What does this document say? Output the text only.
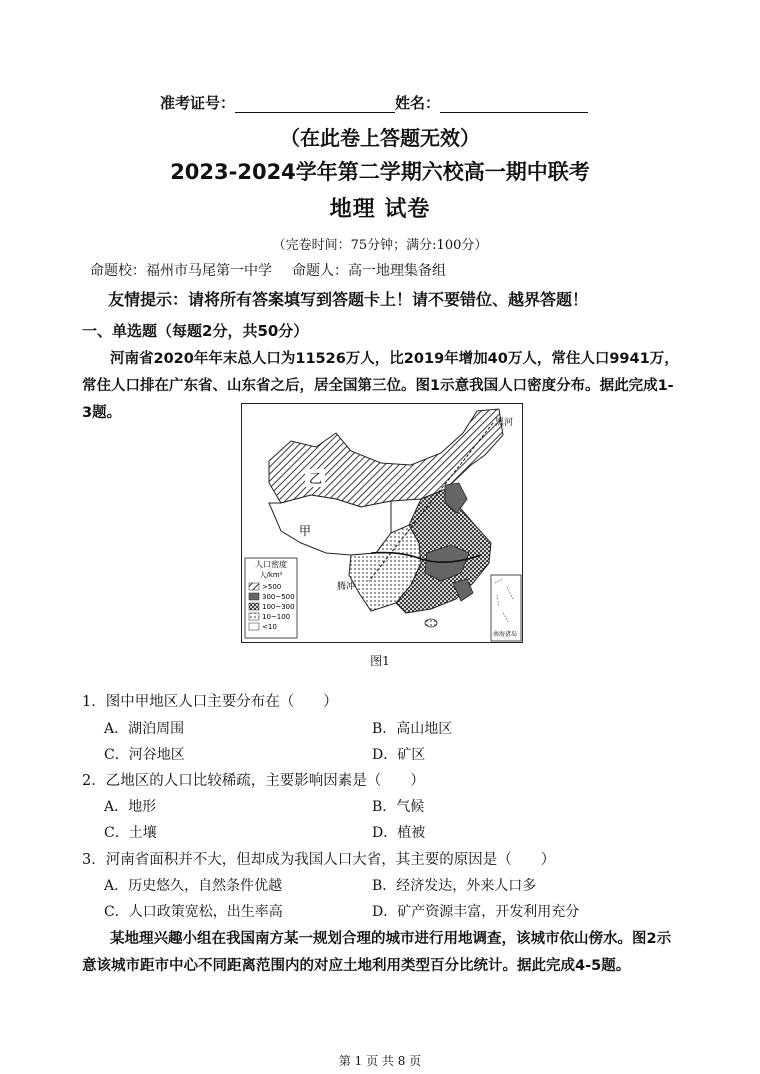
准考证号：	姓名：
（在此卷上答题无效）
2023-2024学年第二学期六校高一期中联考
地理 试卷
（完卷时间：75分钟；满分:100分）
命题校：福州市马尾第一中学 命题人：高一地理集备组
友情提示：请将所有答案填写到答题卡上！请不要错位、越界答题！
一、单选题（每题2分，共50分）
河南省2020年年末总人口为11526万人，比2019年增加40万人，常住人口9941万，常住人口排在广东省、山东省之后，居全国第三位。图1示意我国人口密度分布。据此完成1-3题。
乙
甲
黑河
腾冲
人口密度
人/km²
>500
300~500
100~300
10~100
<10
南海诸岛
图1
1．图中甲地区人口主要分布在（　　）
A．湖泊周围	B．高山地区
C．河谷地区	D．矿区
2．乙地区的人口比较稀疏，主要影响因素是（　　）
A．地形	B．气候
C．土壤	D．植被
3．河南省面积并不大，但却成为我国人口大省，其主要的原因是（　　）
A．历史悠久，自然条件优越	B．经济发达，外来人口多
C．人口政策宽松，出生率高	D．矿产资源丰富，开发利用充分
某地理兴趣小组在我国南方某一规划合理的城市进行用地调查，该城市依山傍水。图2示意该城市距市中心不同距离范围内的对应土地利用类型百分比统计。据此完成4-5题。
第 1 页 共 8 页
